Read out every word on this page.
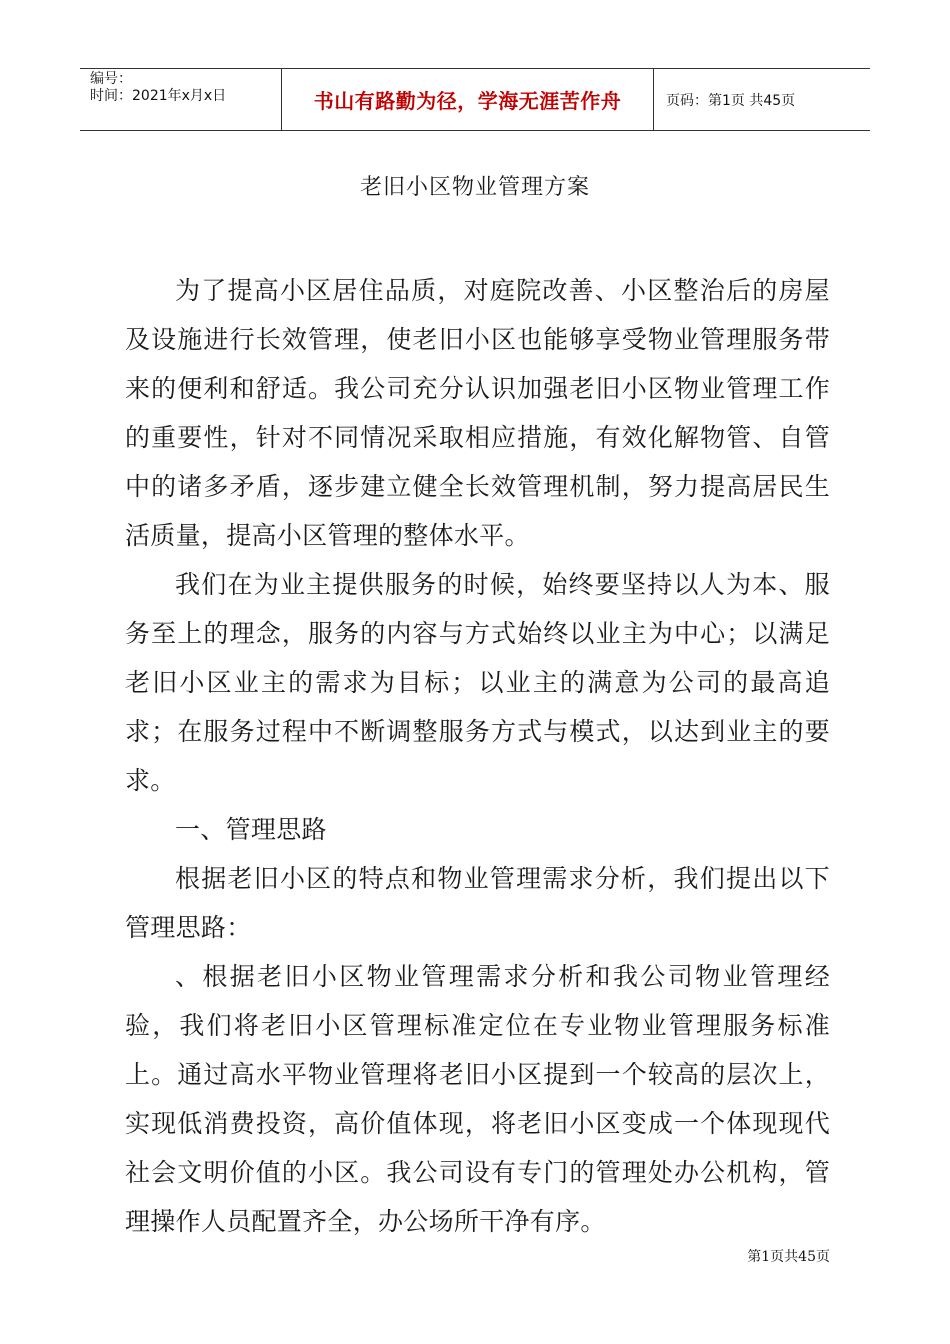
编号：
时间：2021年x月x日	书山有路勤为径，学海无涯苦作舟	页码：第1页 共45页
老旧小区物业管理方案

为了提高小区居住品质，对庭院改善、小区整治后的房屋及设施进行长效管理，使老旧小区也能够享受物业管理服务带来的便利和舒适。我公司充分认识加强老旧小区物业管理工作的重要性，针对不同情况采取相应措施，有效化解物管、自管中的诸多矛盾，逐步建立健全长效管理机制，努力提高居民生活质量，提高小区管理的整体水平。

我们在为业主提供服务的时候，始终要坚持以人为本、服务至上的理念，服务的内容与方式始终以业主为中心；以满足老旧小区业主的需求为目标；以业主的满意为公司的最高追求；在服务过程中不断调整服务方式与模式，以达到业主的要求。

一、管理思路

根据老旧小区的特点和物业管理需求分析，我们提出以下管理思路：

、根据老旧小区物业管理需求分析和我公司物业管理经验，我们将老旧小区管理标准定位在专业物业管理服务标准上。通过高水平物业管理将老旧小区提到一个较高的层次上，实现低消费投资，高价值体现，将老旧小区变成一个体现现代社会文明价值的小区。我公司设有专门的管理处办公机构，管理操作人员配置齐全，办公场所干净有序。

第1页共45页
